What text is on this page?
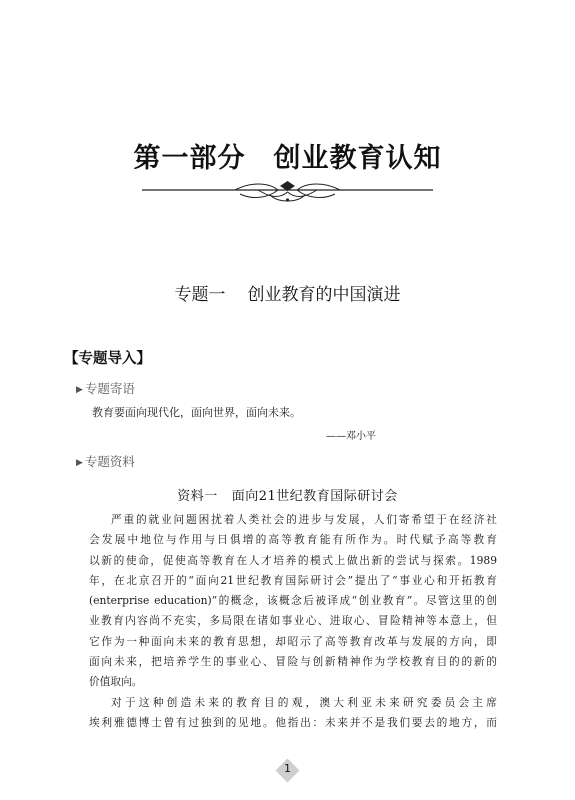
第一部分 创业教育认知
专题一 创业教育的中国演进
【专题导入】
▶ 专题寄语
教育要面向现代化，面向世界，面向未来。
——邓小平
▶ 专题资料
资料一 面向21世纪教育国际研讨会
严重的就业问题困扰着人类社会的进步与发展，人们寄希望于在经济社
会发展中地位与作用与日俱增的高等教育能有所作为。时代赋予高等教育
以新的使命，促使高等教育在人才培养的模式上做出新的尝试与探索。1989
年，在北京召开的“面向21世纪教育国际研讨会”提出了“事业心和开拓教育
(enterprise education)”的概念，该概念后被译成“创业教育”。尽管这里的创
业教育内容尚不充实，多局限在诸如事业心、进取心、冒险精神等本意上，但
它作为一种面向未来的教育思想，却昭示了高等教育改革与发展的方向，即
面向未来，把培养学生的事业心、冒险与创新精神作为学校教育目的的新的
价值取向。
对于这种创造未来的教育目的观，澳大利亚未来研究委员会主席
埃利雅德博士曾有过独到的见地。他指出：未来并不是我们要去的地方，而
1
